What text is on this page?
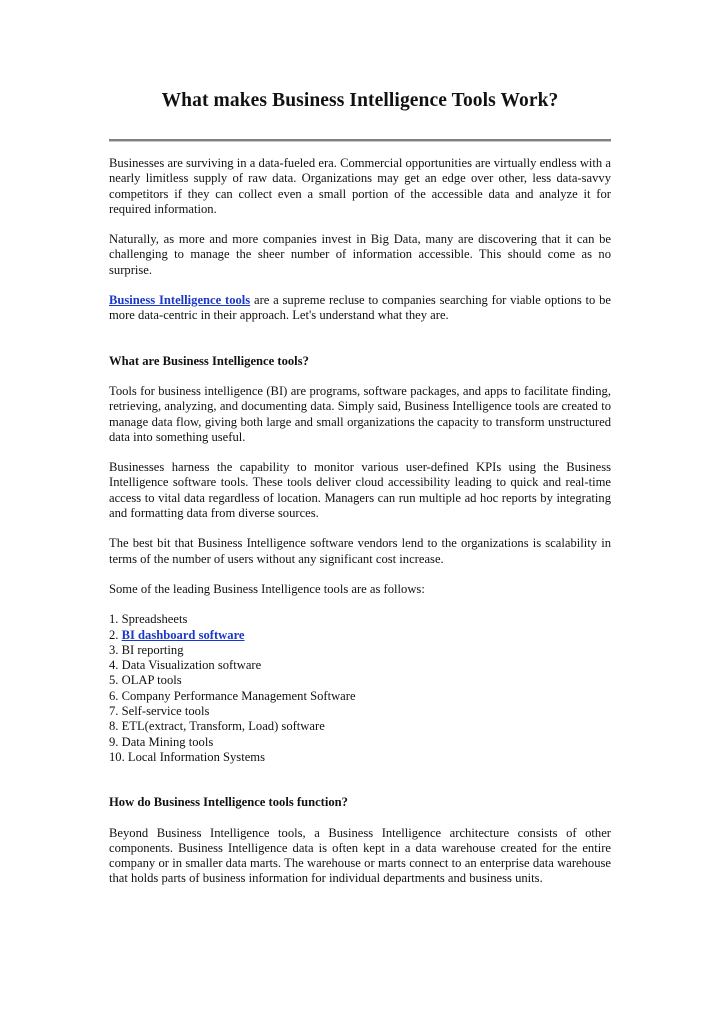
What makes Business Intelligence Tools Work?

Businesses are surviving in a data-fueled era. Commercial opportunities are virtually endless with a nearly limitless supply of raw data. Organizations may get an edge over other, less data-savvy competitors if they can collect even a small portion of the accessible data and analyze it for required information.

Naturally, as more and more companies invest in Big Data, many are discovering that it can be challenging to manage the sheer number of information accessible. This should come as no surprise.

Business Intelligence tools are a supreme recluse to companies searching for viable options to be more data-centric in their approach. Let's understand what they are.

What are Business Intelligence tools?

Tools for business intelligence (BI) are programs, software packages, and apps to facilitate finding, retrieving, analyzing, and documenting data. Simply said, Business Intelligence tools are created to manage data flow, giving both large and small organizations the capacity to transform unstructured data into something useful.

Businesses harness the capability to monitor various user-defined KPIs using the Business Intelligence software tools. These tools deliver cloud accessibility leading to quick and real-time access to vital data regardless of location. Managers can run multiple ad hoc reports by integrating and formatting data from diverse sources.

The best bit that Business Intelligence software vendors lend to the organizations is scalability in terms of the number of users without any significant cost increase.

Some of the leading Business Intelligence tools are as follows:

1. Spreadsheets
2. BI dashboard software
3. BI reporting
4. Data Visualization software
5. OLAP tools
6. Company Performance Management Software
7. Self-service tools
8. ETL(extract, Transform, Load) software
9. Data Mining tools
10. Local Information Systems
How do Business Intelligence tools function?

Beyond Business Intelligence tools, a Business Intelligence architecture consists of other components. Business Intelligence data is often kept in a data warehouse created for the entire company or in smaller data marts. The warehouse or marts connect to an enterprise data warehouse that holds parts of business information for individual departments and business units.
